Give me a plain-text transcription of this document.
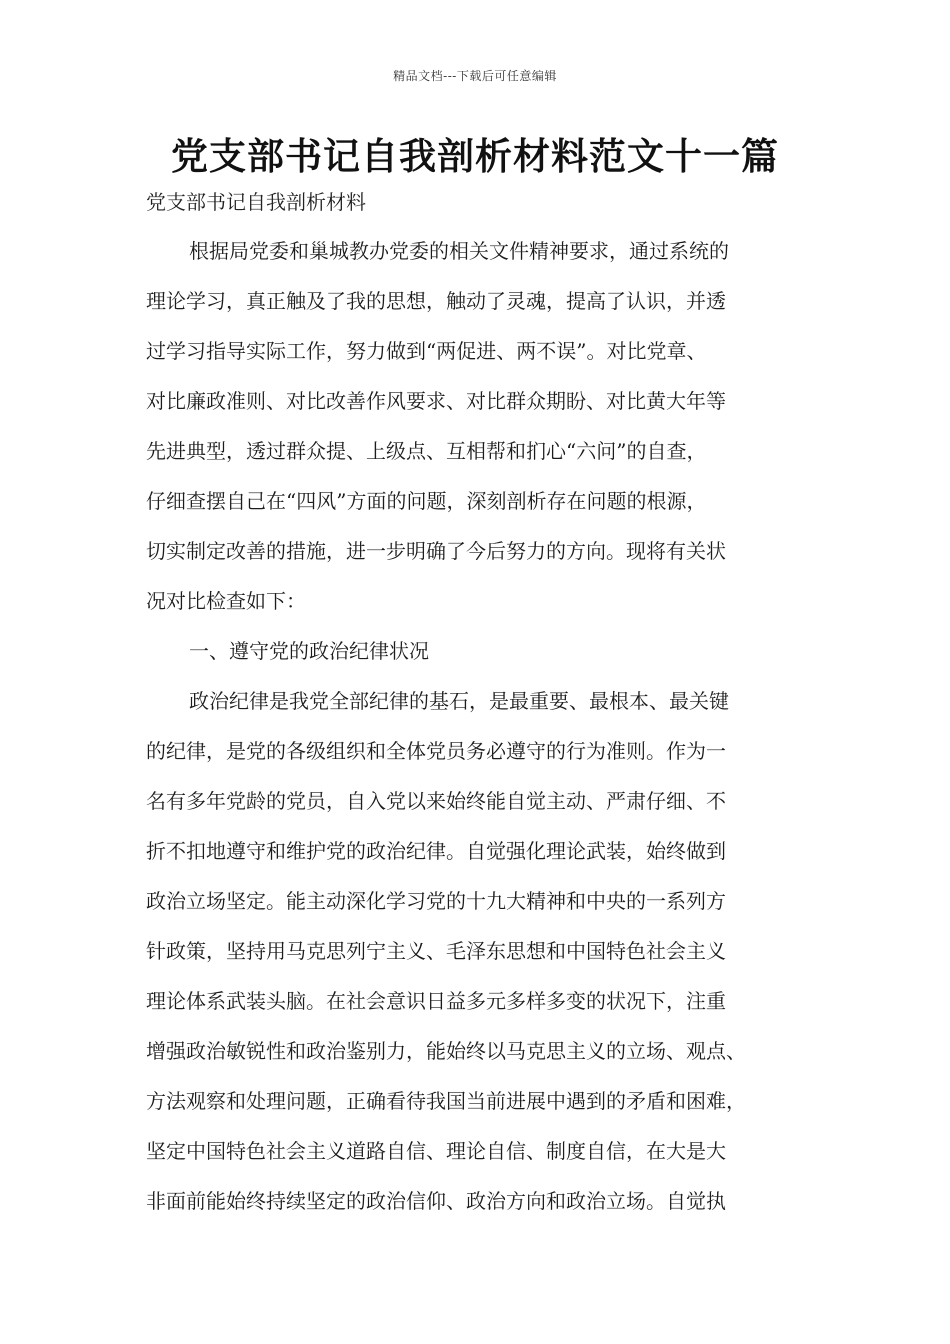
精品文档---下载后可任意编辑
党支部书记自我剖析材料范文十一篇
党支部书记自我剖析材料
根据局党委和巢城教办党委的相关文件精神要求，通过系统的
理论学习，真正触及了我的思想，触动了灵魂，提高了认识，并透
过学习指导实际工作，努力做到“两促进、两不误”。对比党章、
对比廉政准则、对比改善作风要求、对比群众期盼、对比黄大年等
先进典型，透过群众提、上级点、互相帮和扪心“六问”的自查，
仔细查摆自己在“四风”方面的问题，深刻剖析存在问题的根源，
切实制定改善的措施，进一步明确了今后努力的方向。现将有关状
况对比检查如下：
一、遵守党的政治纪律状况
政治纪律是我党全部纪律的基石，是最重要、最根本、最关键
的纪律，是党的各级组织和全体党员务必遵守的行为准则。作为一
名有多年党龄的党员，自入党以来始终能自觉主动、严肃仔细、不
折不扣地遵守和维护党的政治纪律。自觉强化理论武装，始终做到
政治立场坚定。能主动深化学习党的十九大精神和中央的一系列方
针政策，坚持用马克思列宁主义、毛泽东思想和中国特色社会主义
理论体系武装头脑。在社会意识日益多元多样多变的状况下，注重
增强政治敏锐性和政治鉴别力，能始终以马克思主义的立场、观点、
方法观察和处理问题，正确看待我国当前进展中遇到的矛盾和困难，
坚定中国特色社会主义道路自信、理论自信、制度自信，在大是大
非面前能始终持续坚定的政治信仰、政治方向和政治立场。自觉执
